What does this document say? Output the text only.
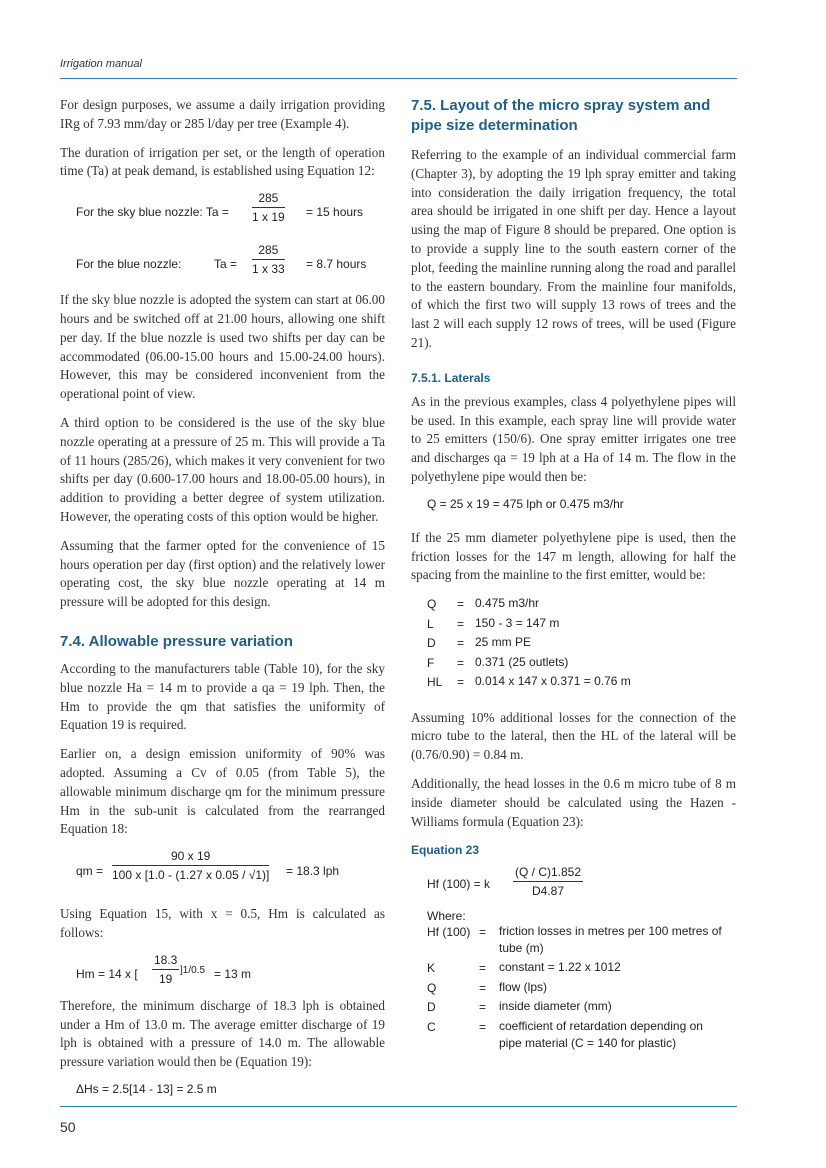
Irrigation manual

For design purposes, we assume a daily irrigation providing IRg of 7.93 mm/day or 285 l/day per tree (Example 4).

The duration of irrigation per set, or the length of operation time (Ta) at peak demand, is established using Equation 12:

For the sky blue nozzle: $Ta = \frac{285}{1 x 19} = 15$ hours
For the blue nozzle:	$Ta = \frac{285}{1 x 33} = 8.7$ hours

If the sky blue nozzle is adopted the system can start at 06.00 hours and be switched off at 21.00 hours, allowing one shift per day. If the blue nozzle is used two shifts per day can be accommodated (06.00-15.00 hours and 15.00-24.00 hours). However, this may be considered inconvenient from the operational point of view.

A third option to be considered is the use of the sky blue nozzle operating at a pressure of 25 m. This will provide a Ta of 11 hours (285/26), which makes it very convenient for two shifts per day (0.600-17.00 hours and 18.00-05.00 hours), in addition to providing a better degree of system utilization. However, the operating costs of this option would be higher.

Assuming that the farmer opted for the convenience of 15 hours operation per day (first option) and the relatively lower operating cost, the sky blue nozzle operating at 14 m pressure will be adopted for this design.

7.4. Allowable pressure variation

According to the manufacturers table (Table 10), for the sky blue nozzle Ha = 14 m to provide a qa = 19 lph. Then, the Hm to provide the qm that satisfies the uniformity of Equation 19 is required.

Earlier on, a design emission uniformity of 90% was adopted. Assuming a Cv of 0.05 (from Table 5), the allowable minimum discharge qm for the minimum pressure Hm in the sub-unit is calculated from the rearranged Equation 18:

qm = $\frac{90 x 19}{100 x [1.0 - (1.27 x 0.05 / √1)]} = 18.3$ lph

Using Equation 15, with x = 0.5, Hm is calculated as follows:

Hm = 14 x [ $\frac{18.3}{19} ]1/0.5 = 13$ m

Therefore, the minimum discharge of 18.3 lph is obtained under a Hm of 13.0 m. The average emitter discharge of 19 lph is obtained with a pressure of 14.0 m. The allowable pressure variation would then be (Equation 19):

ΔHs = 2.5[14 - 13] = 2.5 m
7.5. Layout of the micro spray system and pipe size determination

Referring to the example of an individual commercial farm (Chapter 3), by adopting the 19 lph spray emitter and taking into consideration the daily irrigation frequency, the total area should be irrigated in one shift per day. Hence a layout using the map of Figure 8 should be prepared. One option is to provide a supply line to the south eastern corner of the plot, feeding the mainline running along the road and parallel to the eastern boundary. From the mainline four manifolds, of which the first two will supply 13 rows of trees and the last 2 will each supply 12 rows of trees, will be used (Figure 21).

7.5.1. Laterals

As in the previous examples, class 4 polyethylene pipes will be used. In this example, each spray line will provide water to 25 emitters (150/6). One spray emitter irrigates one tree and discharges qa = 19 lph at a Ha of 14 m. The flow in the polyethylene pipe would then be:

Q = 25 x 19 = 475 lph or 0.475 m3/hr

If the 25 mm diameter polyethylene pipe is used, then the friction losses for the 147 m length, allowing for half the spacing from the mainline to the first emitter, would be:

Q	=	0.475 m3/hr
L	=	150 - 3 = 147 m
D	=	25 mm PE
F	=	0.371 (25 outlets)
HL	=	0.014 x 147 x 0.371 = 0.76 m

Assuming 10% additional losses for the connection of the micro tube to the lateral, then the HL of the lateral will be (0.76/0.90) = 0.84 m.

Additionally, the head losses in the 0.6 m micro tube of 8 m inside diameter should be calculated using the Hazen - Williams formula (Equation 23):

Equation 23
Hf (100) = k $\frac{(Q / C)1.852}{D4.87}$
Where:
Hf (100)	=	friction losses in metres per 100 metres of tube (m)
K	=	constant = 1.22 x 1012
Q	=	flow (lps)
D	=	inside diameter (mm)
C	=	coefficient of retardation depending on pipe material (C = 140 for plastic)
50
